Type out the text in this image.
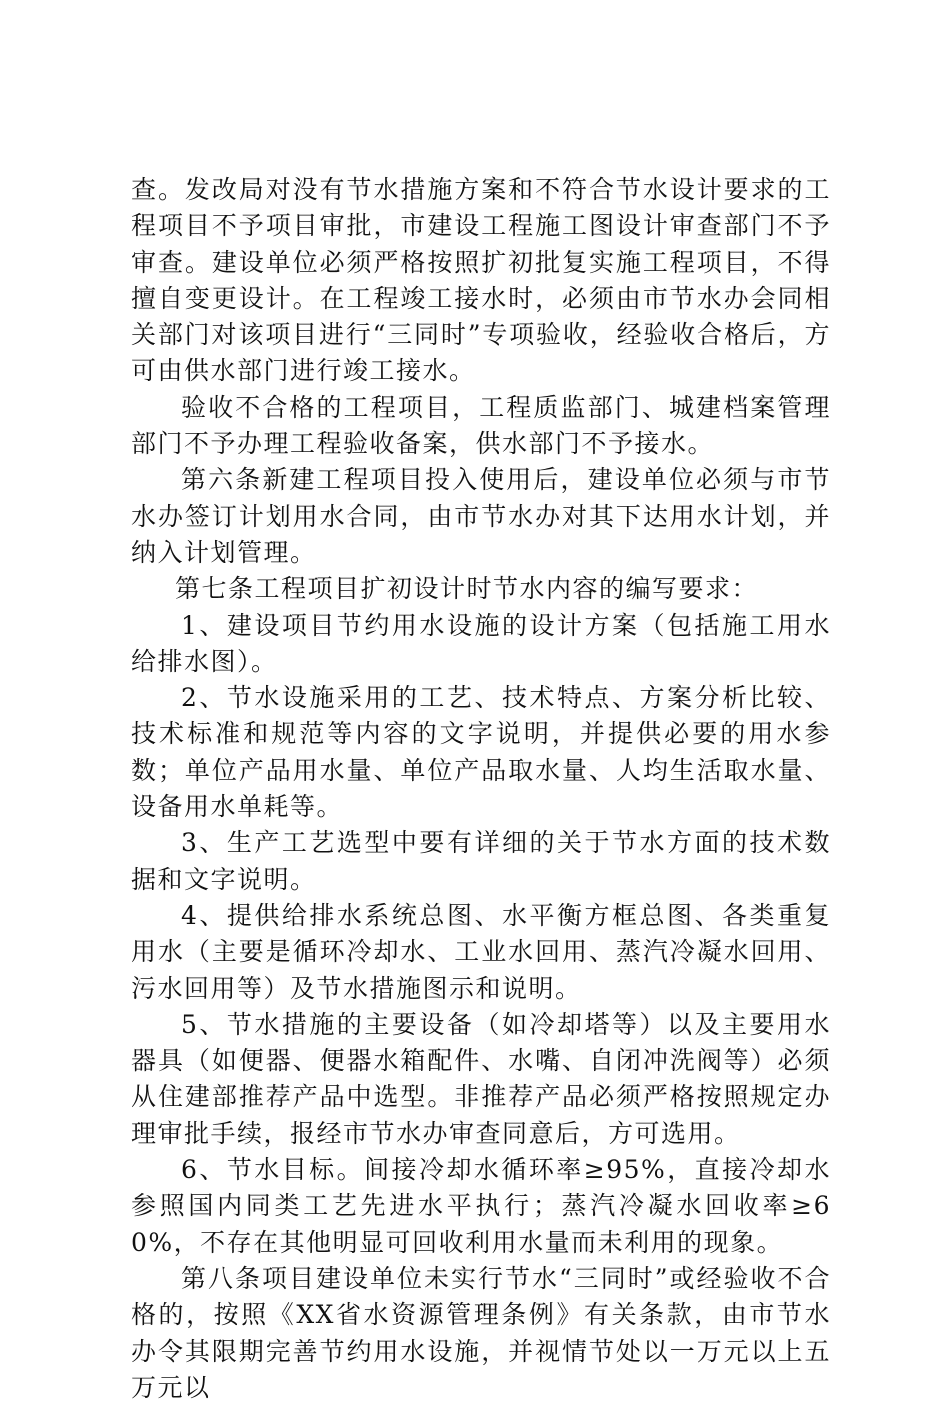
查。发改局对没有节水措施方案和不符合节水设计要求的工程项目不予项目审批，市建设工程施工图设计审查部门不予审查。建设单位必须严格按照扩初批复实施工程项目，不得擅自变更设计。在工程竣工接水时，必须由市节水办会同相关部门对该项目进行“三同时”专项验收，经验收合格后，方可由供水部门进行竣工接水。

验收不合格的工程项目，工程质监部门、城建档案管理部门不予办理工程验收备案，供水部门不予接水。

第六条新建工程项目投入使用后，建设单位必须与市节水办签订计划用水合同，由市节水办对其下达用水计划，并纳入计划管理。

第七条工程项目扩初设计时节水内容的编写要求：

1、建设项目节约用水设施的设计方案（包括施工用水给排水图）。

2、节水设施采用的工艺、技术特点、方案分析比较、技术标准和规范等内容的文字说明，并提供必要的用水参数；单位产品用水量、单位产品取水量、人均生活取水量、设备用水单耗等。

3、生产工艺选型中要有详细的关于节水方面的技术数据和文字说明。

4、提供给排水系统总图、水平衡方框总图、各类重复用水（主要是循环冷却水、工业水回用、蒸汽冷凝水回用、污水回用等）及节水措施图示和说明。

5、节水措施的主要设备（如冷却塔等）以及主要用水器具（如便器、便器水箱配件、水嘴、自闭冲洗阀等）必须从住建部推荐产品中选型。非推荐产品必须严格按照规定办理审批手续，报经市节水办审查同意后，方可选用。

6、节水目标。间接冷却水循环率≥95%，直接冷却水参照国内同类工艺先进水平执行；蒸汽冷凝水回收率≥60%，不存在其他明显可回收利用水量而未利用的现象。

第八条项目建设单位未实行节水“三同时”或经验收不合格的，按照《XX省水资源管理条例》有关条款，由市节水办令其限期完善节约用水设施，并视情节处以一万元以上五万元以
